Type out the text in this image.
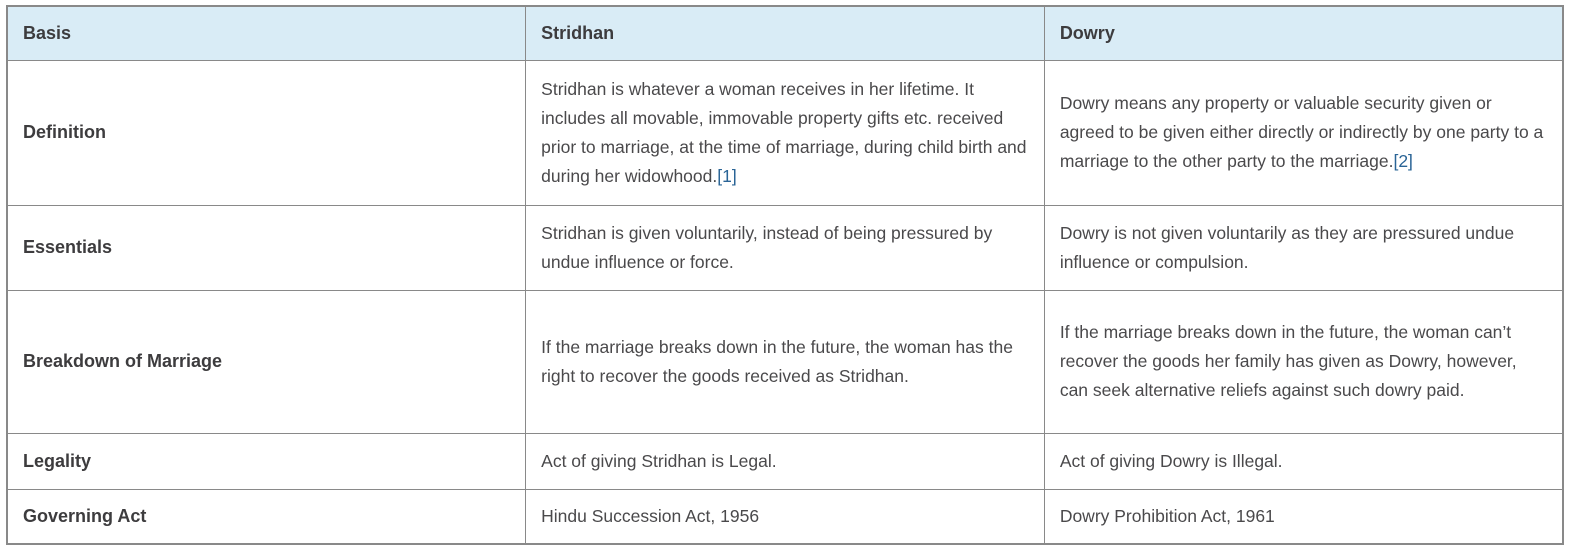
Basis	Stridhan	Dowry
Definition	Stridhan is whatever a woman receives in her lifetime. It includes all movable, immovable property gifts etc. received prior to marriage, at the time of marriage, during child birth and during her widowhood.[1]	Dowry means any property or valuable security given or agreed to be given either directly or indirectly by one party to a marriage to the other party to the marriage.[2]
Essentials	Stridhan is given voluntarily, instead of being pressured by undue influence or force.	Dowry is not given voluntarily as they are pressured undue influence or compulsion.
Breakdown of Marriage	If the marriage breaks down in the future, the woman has the right to recover the goods received as Stridhan.	If the marriage breaks down in the future, the woman can’t recover the goods her family has given as Dowry, however, can seek alternative reliefs against such dowry paid.
Legality	Act of giving Stridhan is Legal.	Act of giving Dowry is Illegal.
Governing Act	Hindu Succession Act, 1956	Dowry Prohibition Act, 1961
